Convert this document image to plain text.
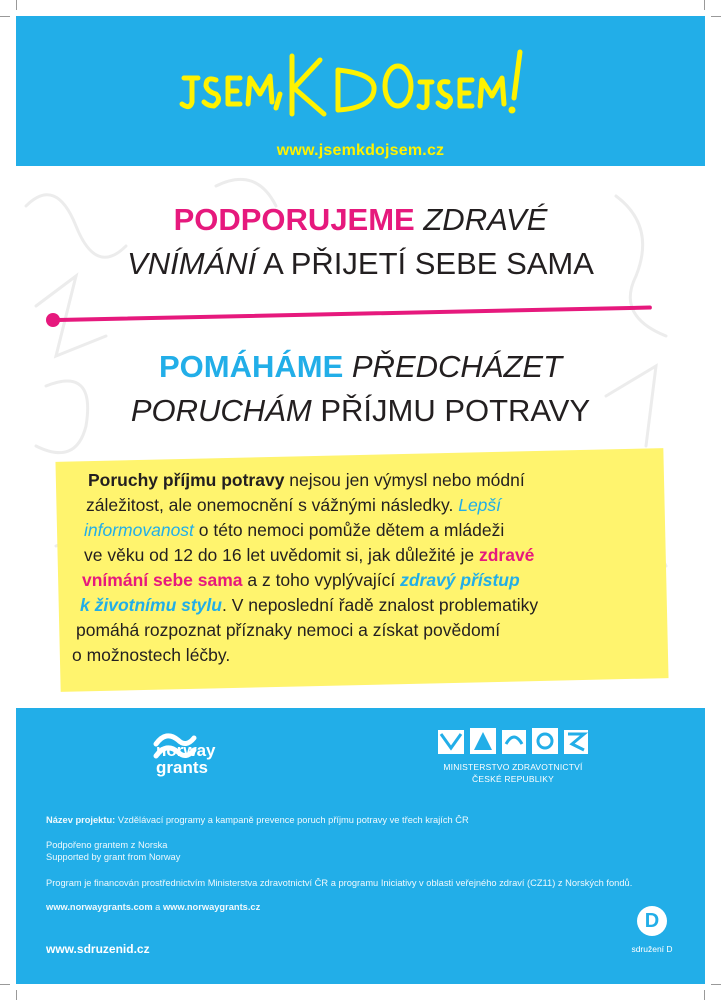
www.jsemkdojsem.cz
PODPORUJEME ZDRAVÉ
VNÍMÁNÍ A PŘIJETÍ SEBE SAMA
POMÁHÁME PŘEDCHÁZET
PORUCHÁM PŘÍJMU POTRAVY
Poruchy příjmu potravy nejsou jen výmysl nebo módní
záležitost, ale onemocnění s vážnými následky. Lepší
informovanost o této nemoci pomůže dětem a mládeži
ve věku od 12 do 16 let uvědomit si, jak důležité je zdravé
vnímání sebe sama a z toho vyplývající zdravý přístup
k životnímu stylu. V neposlední řadě znalost problematiky
pomáhá rozpoznat příznaky nemoci a získat povědomí
o možnostech léčby.
norway
grants	MINISTERSTVO ZDRAVOTNICTVÍ
ČESKÉ REPUBLIKY
Název projektu: Vzdělávací programy a kampaně prevence poruch příjmu potravy ve třech krajích ČR
Podpořeno grantem z Norska
Supported by grant from Norway
Program je financován prostřednictvím Ministerstva zdravotnictví ČR a programu Iniciativy v oblasti veřejného zdraví (CZ11) z Norských fondů.
www.norwaygrants.com a www.norwaygrants.cz
www.sdruzenid.cz
D
sdružení D
